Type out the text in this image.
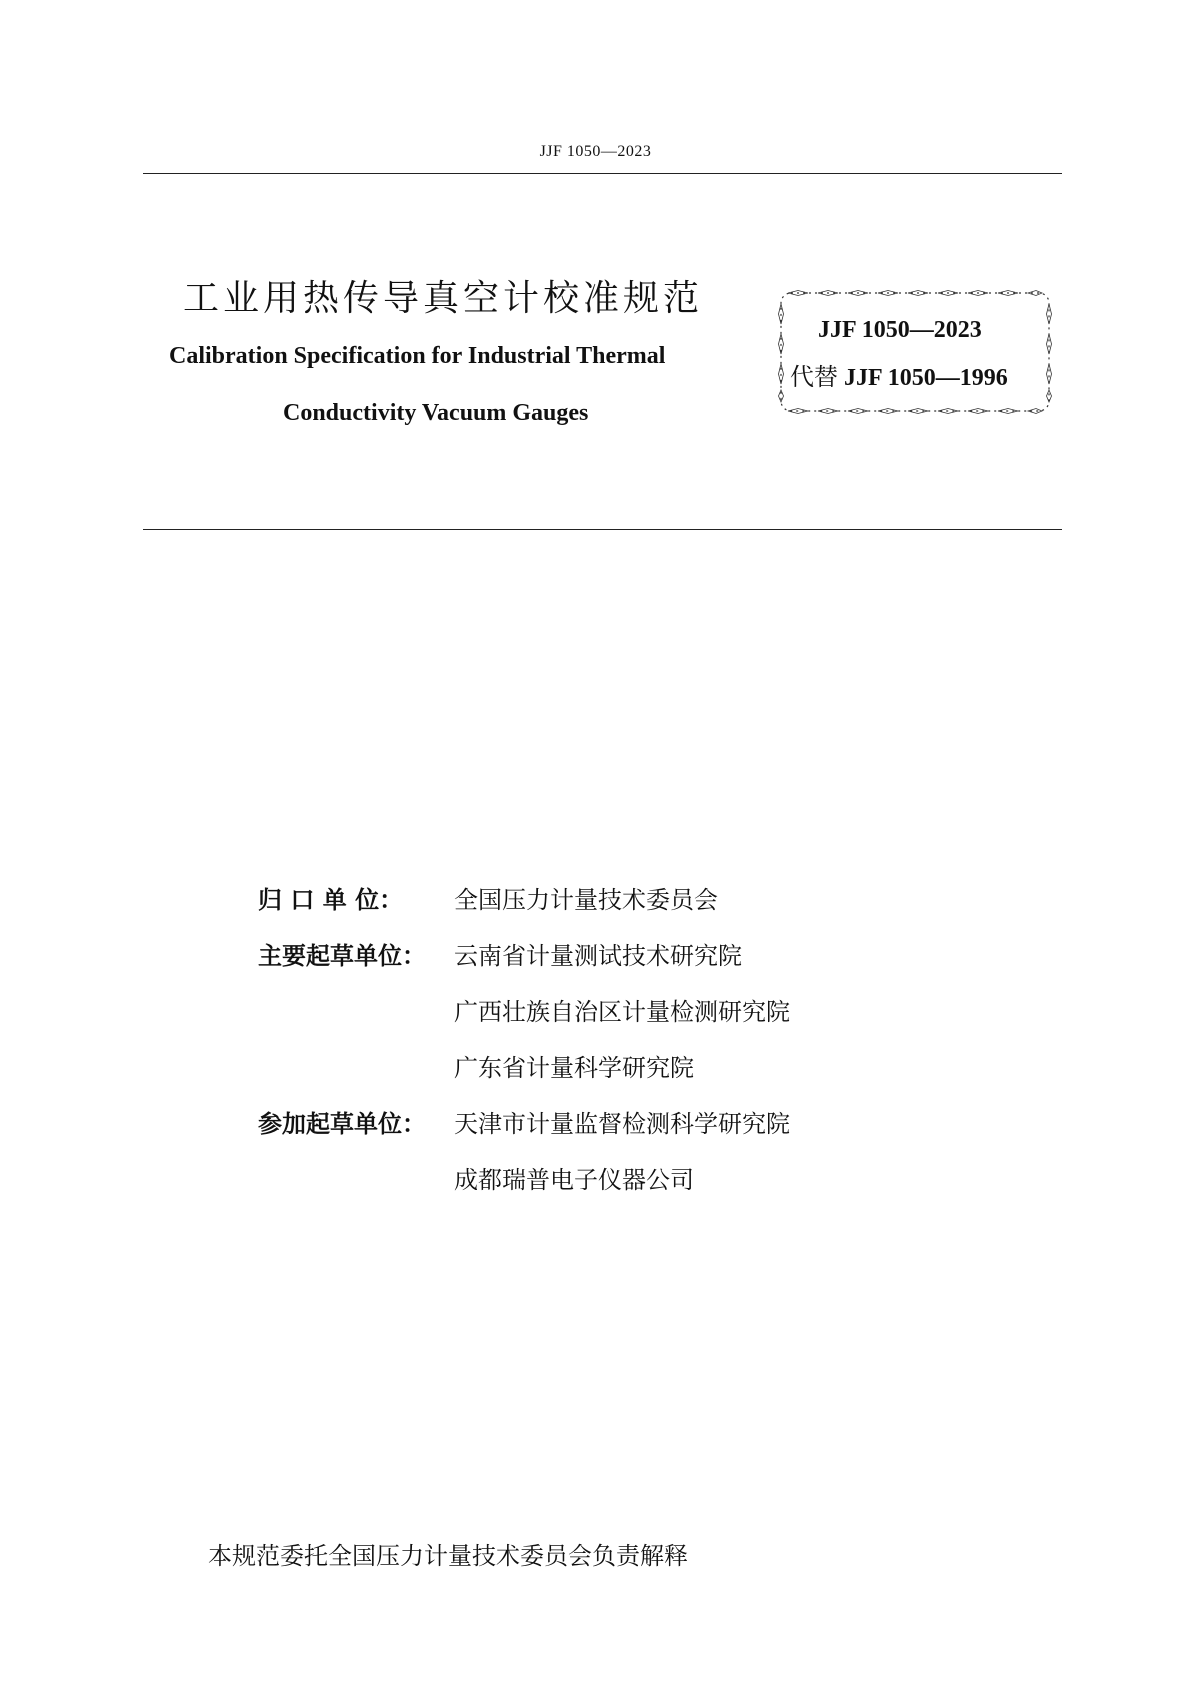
JJF 1050—2023
工业用热传导真空计校准规范
Calibration Specification for Industrial Thermal
Conductivity Vacuum Gauges
JJF 1050—2023
代替 JJF 1050—1996
归 口 单 位： 全国压力计量技术委员会
主要起草单位： 云南省计量测试技术研究院
广西壮族自治区计量检测研究院
广东省计量科学研究院
参加起草单位： 天津市计量监督检测科学研究院
成都瑞普电子仪器公司
本规范委托全国压力计量技术委员会负责解释
